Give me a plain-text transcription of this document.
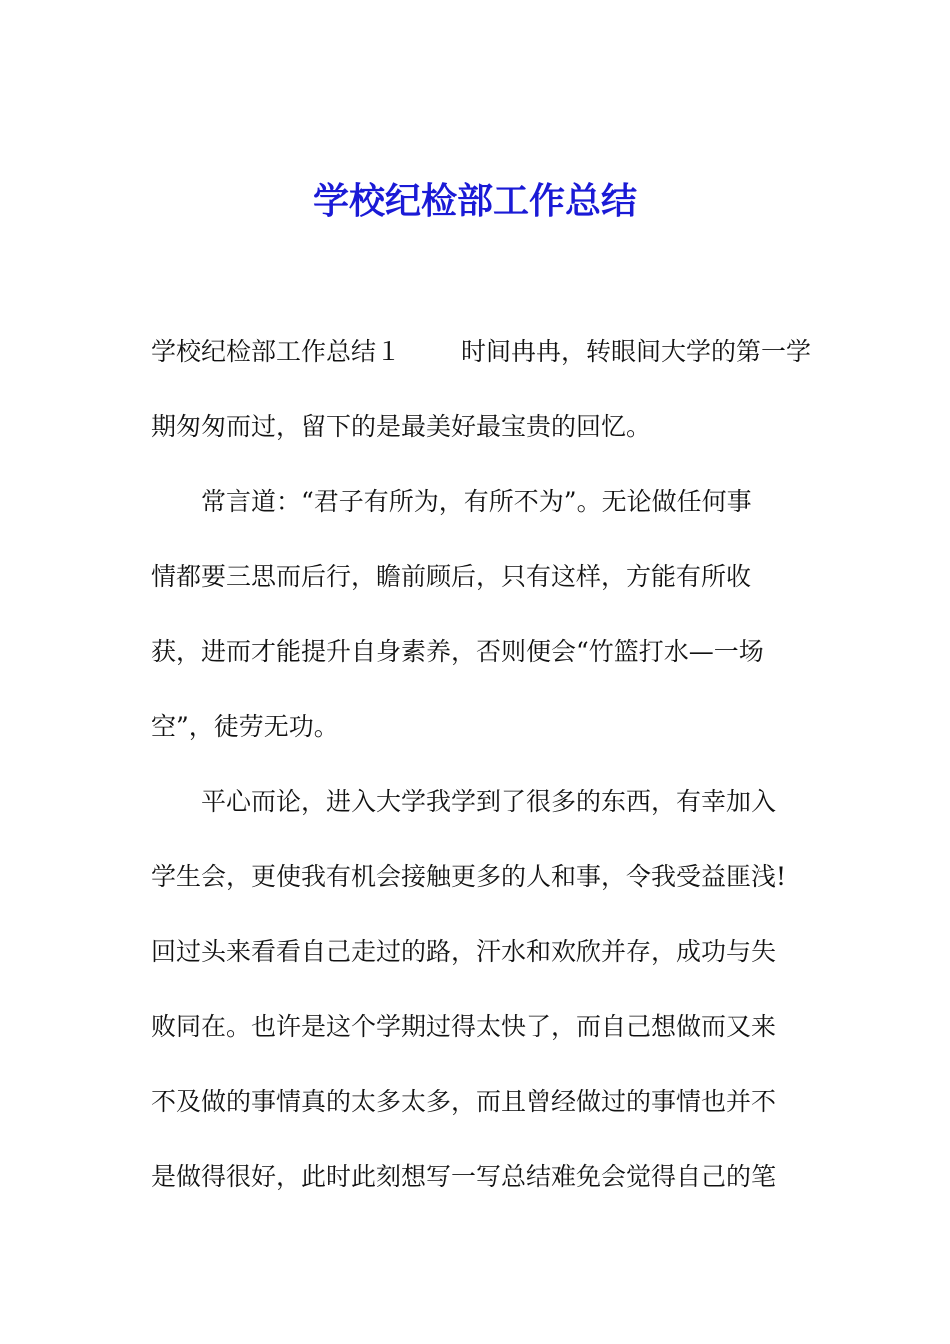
学校纪检部工作总结

学校纪检部工作总结１ 时间冉冉，转眼间大学的第一学

期匆匆而过，留下的是最美好最宝贵的回忆。

常言道：“君子有所为，有所不为”。无论做任何事

情都要三思而后行，瞻前顾后，只有这样，方能有所收

获，进而才能提升自身素养，否则便会“竹篮打水—一场

空”，徒劳无功。

平心而论，进入大学我学到了很多的东西，有幸加入

学生会，更使我有机会接触更多的人和事，令我受益匪浅!

回过头来看看自己走过的路，汗水和欢欣并存，成功与失

败同在。也许是这个学期过得太快了，而自己想做而又来

不及做的事情真的太多太多，而且曾经做过的事情也并不

是做得很好，此时此刻想写一写总结难免会觉得自己的笔
